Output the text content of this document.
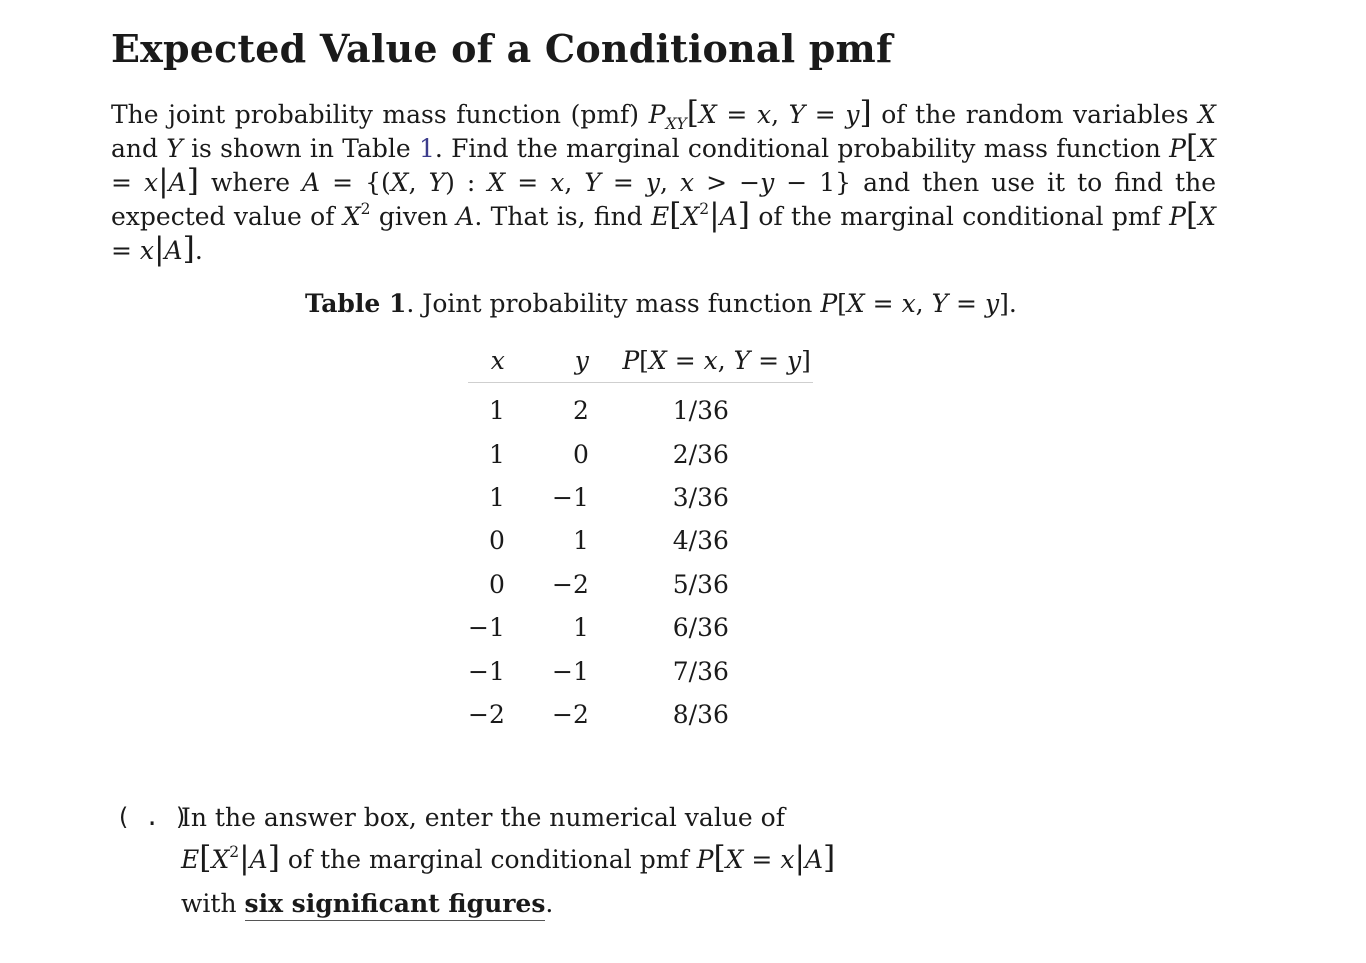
Expected Value of a Conditional pmf
The joint probability mass function (pmf) $P_{XY}[X = x$, Y = y] of the random variables X and Y is shown in Table 1. Find the marginal conditional probability mass function P[X = x|A] where A = {(X, Y) : X = x, Y = y, x > −y − 1} and then use it to find the expected value of $X^2$ given A. That is, find $E[X^2|A]$ of the marginal conditional pmf P[X = x|A].
Table 1. Joint probability mass function P[X = x, Y = y].
x	y	P[X = x, Y = y]
1	2	1/36
1	0	2/36
1	−1	3/36
0	1	4/36
0	−2	5/36
−1	1	6/36
−1	−1	7/36
−2	−2	8/36
( . )
In the answer box, enter the numerical value of
$E[X^2|A]$ of the marginal conditional pmf P[X = x|A]
with six significant figures.
